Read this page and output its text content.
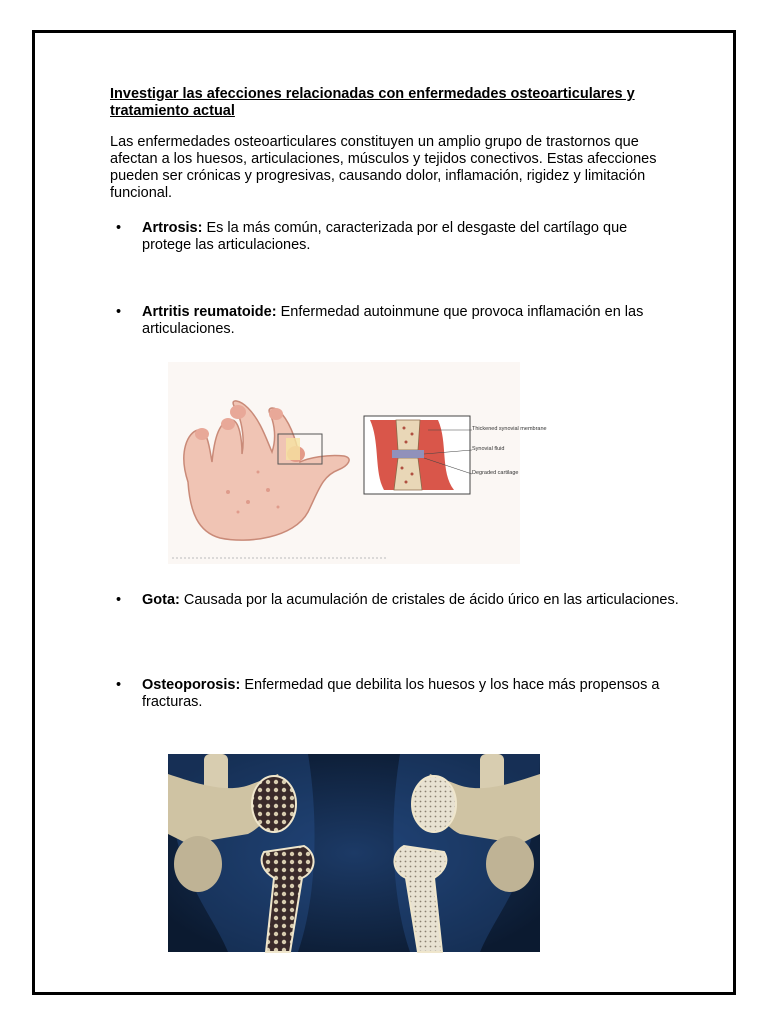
Investigar las afecciones relacionadas con enfermedades osteoarticulares y tratamiento actual

Las enfermedades osteoarticulares constituyen un amplio grupo de trastornos que afectan a los huesos, articulaciones, músculos y tejidos conectivos. Estas afecciones pueden ser crónicas y progresivas, causando dolor, inflamación, rigidez y limitación funcional.

• Artrosis: Es la más común, caracterizada por el desgaste del cartílago que protege las articulaciones.
• Artritis reumatoide: Enfermedad autoinmune que provoca inflamación en las articulaciones.
Thickened synovial membrane
Synovial fluid
Degraded cartilage
• Gota: Causada por la acumulación de cristales de ácido úrico en las articulaciones.
• Osteoporosis: Enfermedad que debilita los huesos y los hace más propensos a fracturas.
